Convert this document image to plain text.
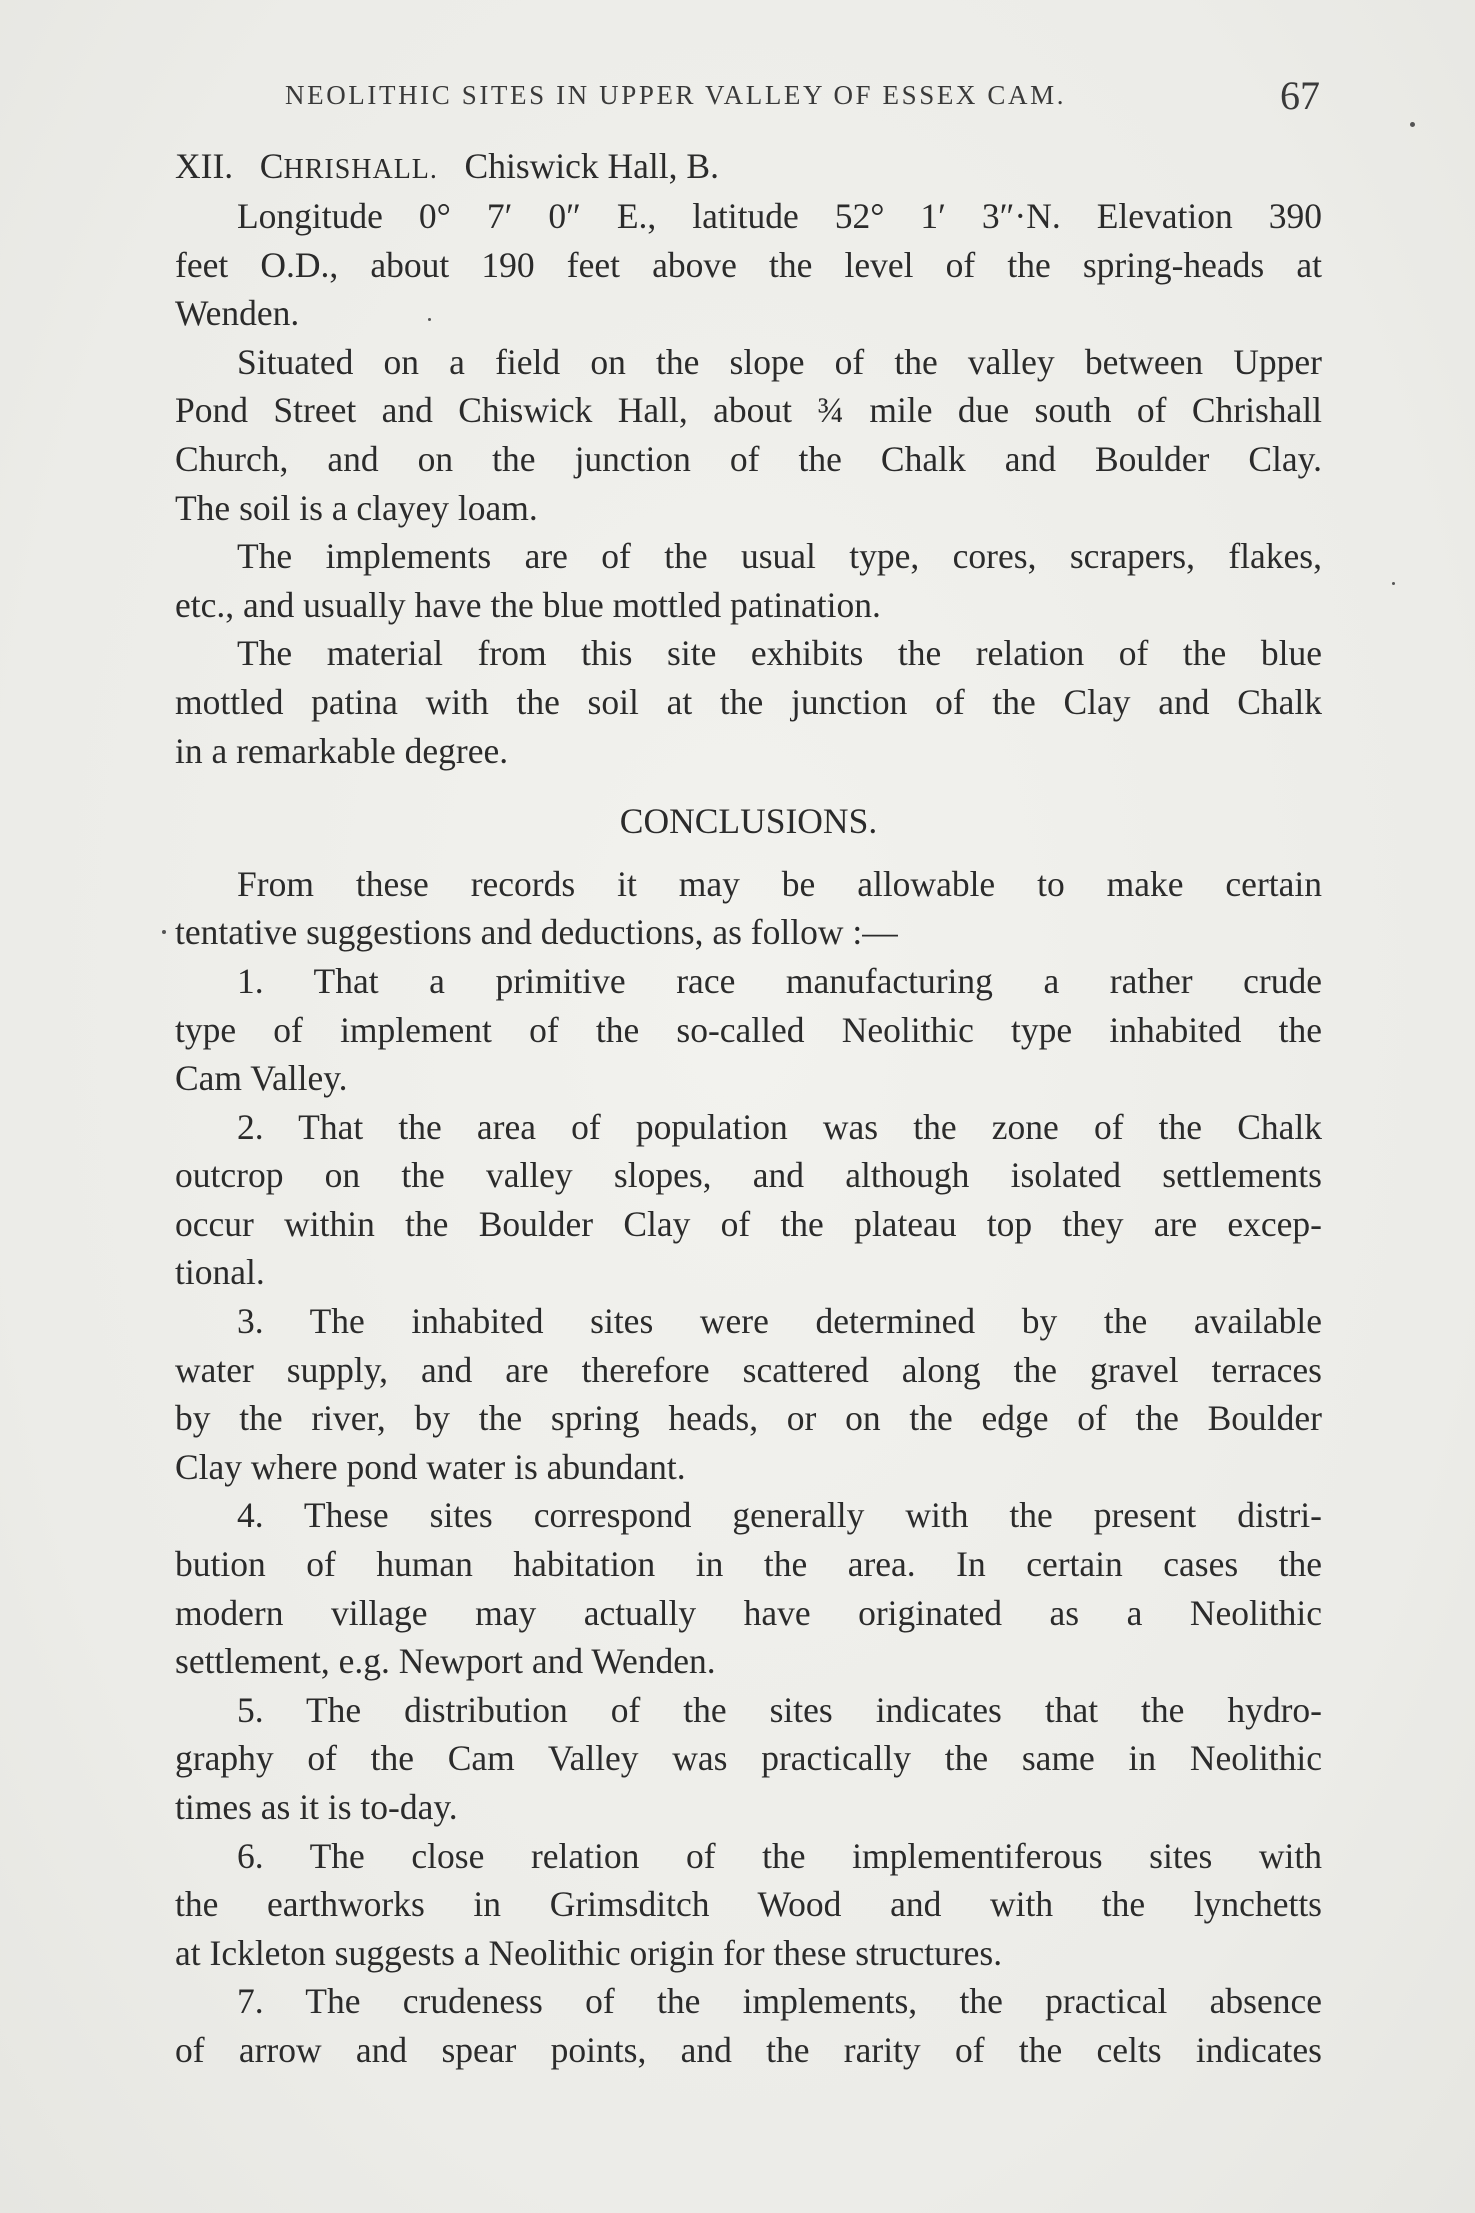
NEOLITHIC SITES IN UPPER VALLEY OF ESSEX CAM.	67
XII. CHRISHALL. Chiswick Hall, B.
Longitude 0° 7′ 0″ E., latitude 52° 1′ 3″·N. Elevation 390
feet O.D., about 190 feet above the level of the spring-heads at
Wenden.
Situated on a field on the slope of the valley between Upper
Pond Street and Chiswick Hall, about ¾ mile due south of Chrishall
Church, and on the junction of the Chalk and Boulder Clay.
The soil is a clayey loam.
The implements are of the usual type, cores, scrapers, flakes,
etc., and usually have the blue mottled patination.
The material from this site exhibits the relation of the blue
mottled patina with the soil at the junction of the Clay and Chalk
in a remarkable degree.
CONCLUSIONS.
From these records it may be allowable to make certain
tentative suggestions and deductions, as follow :—
1. That a primitive race manufacturing a rather crude
type of implement of the so-called Neolithic type inhabited the
Cam Valley.
2. That the area of population was the zone of the Chalk
outcrop on the valley slopes, and although isolated settlements
occur within the Boulder Clay of the plateau top they are excep-
tional.
3. The inhabited sites were determined by the available
water supply, and are therefore scattered along the gravel terraces
by the river, by the spring heads, or on the edge of the Boulder
Clay where pond water is abundant.
4. These sites correspond generally with the present distri-
bution of human habitation in the area. In certain cases the
modern village may actually have originated as a Neolithic
settlement, e.g. Newport and Wenden.
5. The distribution of the sites indicates that the hydro-
graphy of the Cam Valley was practically the same in Neolithic
times as it is to-day.
6. The close relation of the implementiferous sites with
the earthworks in Grimsditch Wood and with the lynchetts
at Ickleton suggests a Neolithic origin for these structures.
7. The crudeness of the implements, the practical absence
of arrow and spear points, and the rarity of the celts indicates
